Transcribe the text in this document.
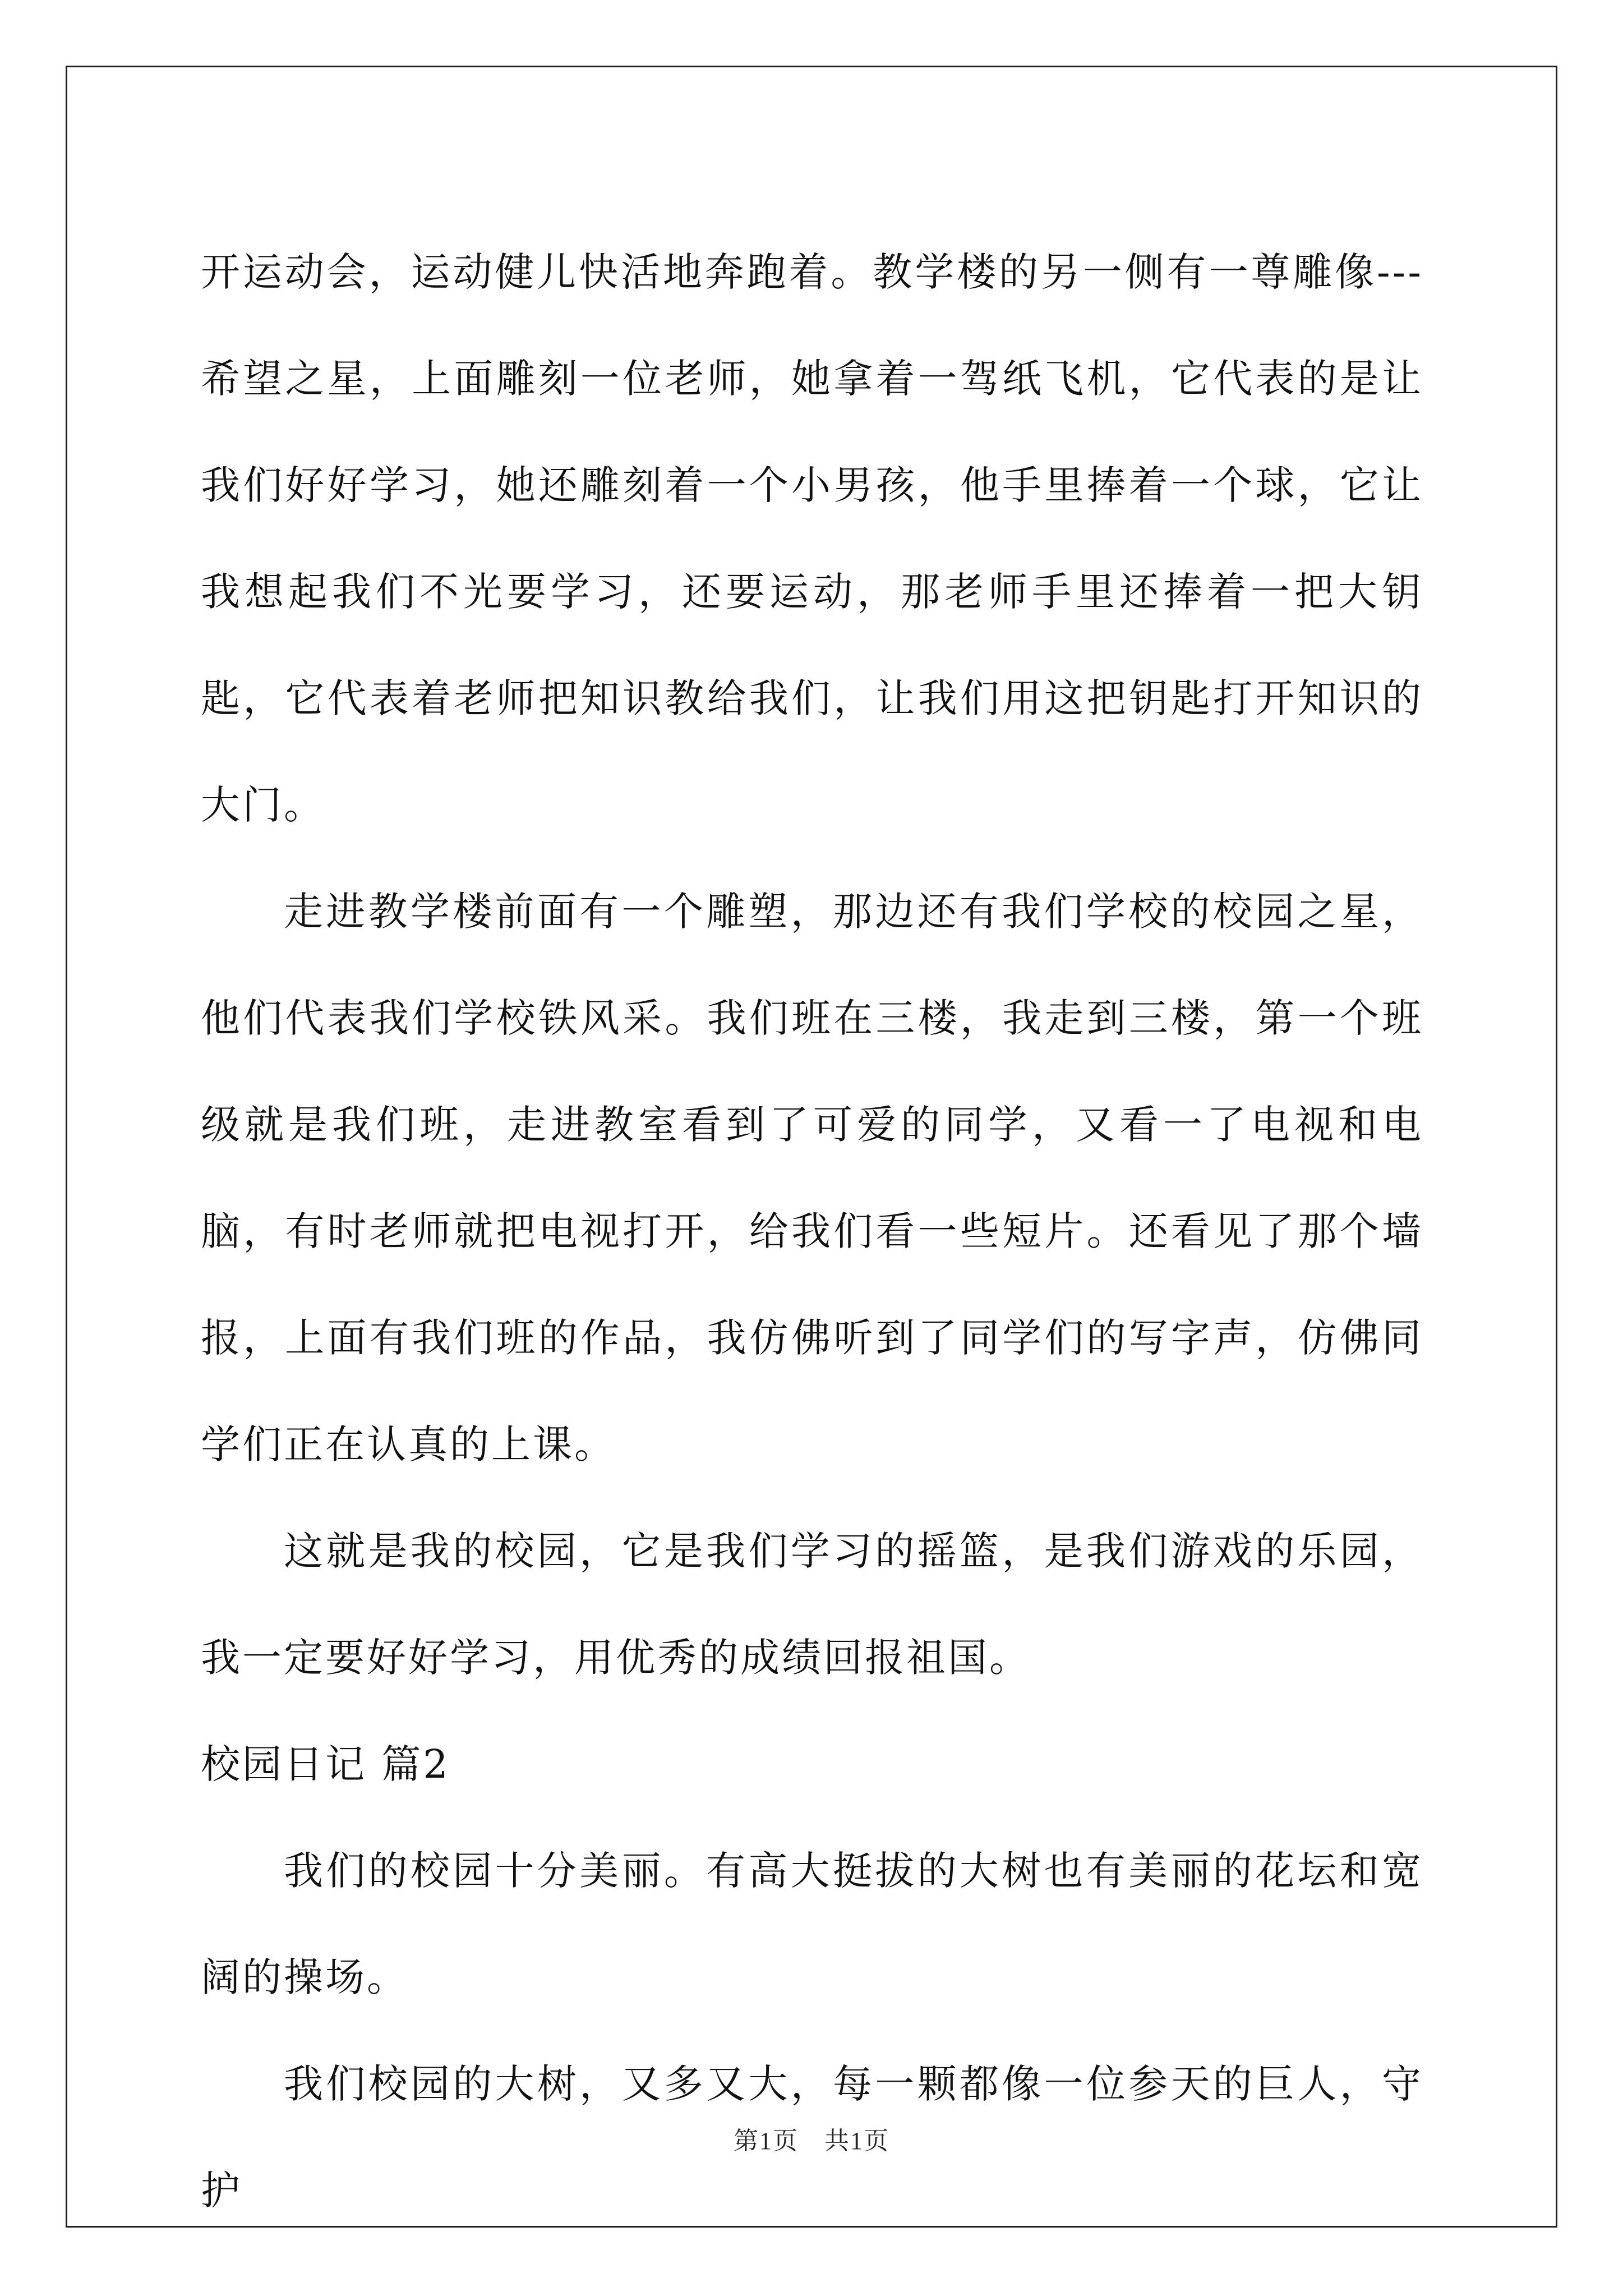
开运动会，运动健儿快活地奔跑着。教学楼的另一侧有一尊雕像---希望之星，上面雕刻一位老师，她拿着一驾纸飞机，它代表的是让我们好好学习，她还雕刻着一个小男孩，他手里捧着一个球，它让我想起我们不光要学习，还要运动，那老师手里还捧着一把大钥匙，它代表着老师把知识教给我们，让我们用这把钥匙打开知识的大门。

走进教学楼前面有一个雕塑，那边还有我们学校的校园之星，他们代表我们学校铁风采。我们班在三楼，我走到三楼，第一个班级就是我们班，走进教室看到了可爱的同学，又看一了电视和电脑，有时老师就把电视打开，给我们看一些短片。还看见了那个墙报，上面有我们班的作品，我仿佛听到了同学们的写字声，仿佛同学们正在认真的上课。

这就是我的校园，它是我们学习的摇篮，是我们游戏的乐园，我一定要好好学习，用优秀的成绩回报祖国。

校园日记 篇2

我们的校园十分美丽。有高大挺拔的大树也有美丽的花坛和宽阔的操场。

我们校园的大树，又多又大，每一颗都像一位参天的巨人，守护

第1页　共1页
